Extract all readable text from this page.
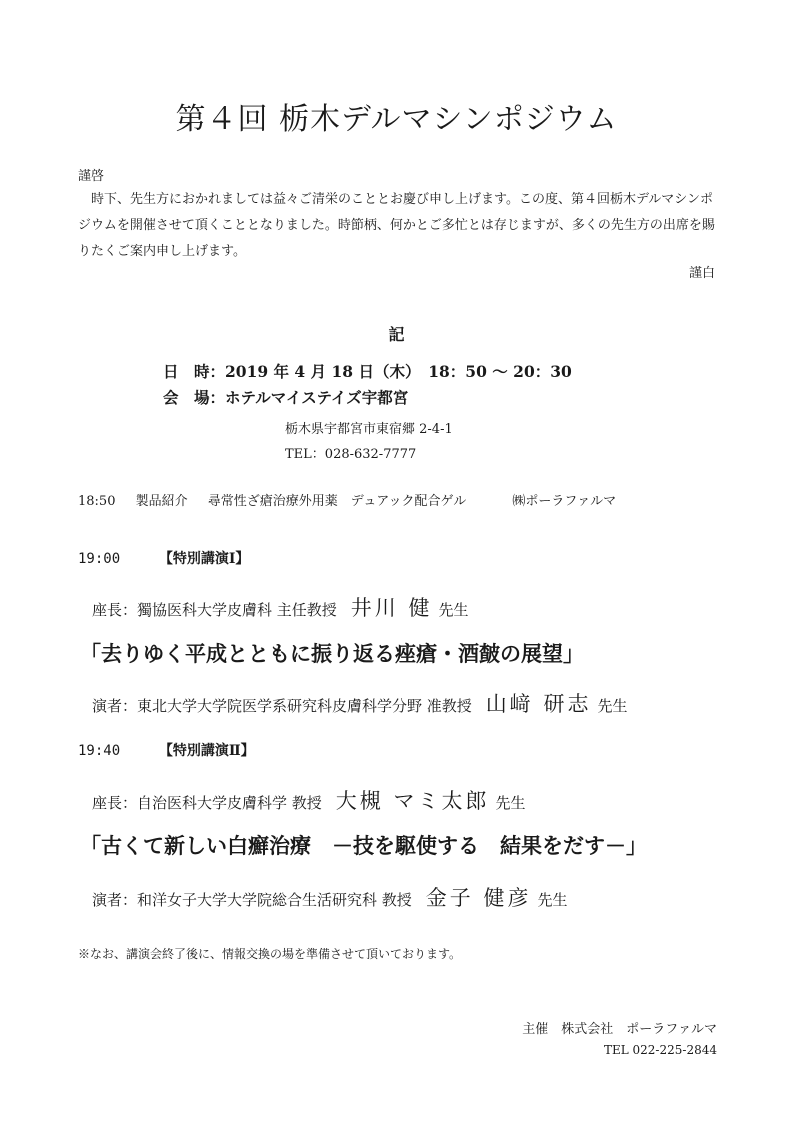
第４回 栃木デルマシンポジウム
謹啓
時下、先生方におかれましては益々ご清栄のこととお慶び申し上げます。この度、第４回栃木デルマシンポジウムを開催させて頂くこととなりました。時節柄、何かとご多忙とは存じますが、多くの先生方の出席を賜りたくご案内申し上げます。
謹白
記
日　時：2019 年 4 月 18 日（木）　18：50 ～ 20：30
会　場：ホテルマイステイズ宇都宮
栃木県宇都宮市東宿郷 2-4-1
TEL：028-632-7777
18:50 製品紹介 尋常性ざ瘡治療外用薬　デュアック配合ゲル	㈱ポーラファルマ
19:00	【特別講演Ⅰ】
座長：獨協医科大学皮膚科 主任教授 井川 健 先生
「去りゆく平成とともに振り返る痤瘡・酒皶の展望」
演者：東北大学大学院医学系研究科皮膚科学分野 准教授 山﨑 研志 先生
19:40	【特別講演Ⅱ】
座長：自治医科大学皮膚科学 教授 大槻 マミ太郎 先生
「古くて新しい白癬治療　－技を駆使する　結果をだす－」
演者：和洋女子大学大学院総合生活研究科 教授 金子 健彦 先生
※なお、講演会終了後に、情報交換の場を準備させて頂いております。
主催　株式会社　ポーラファルマ
TEL 022-225-2844
